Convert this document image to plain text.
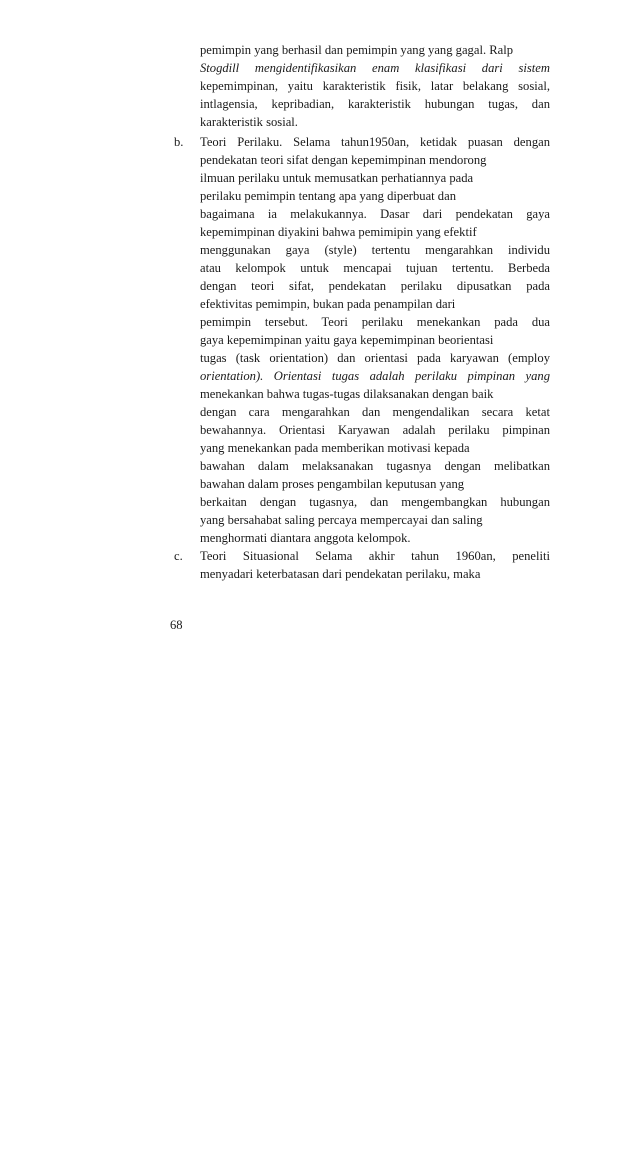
pemimpin yang berhasil dan pemimpin yang yang gagal. Ralp
Stogdill mengidentifikasikan enam klasifikasi dari sistem
kepemimpinan, yaitu karakteristik fisik, latar belakang sosial,
intlagensia, kepribadian, karakteristik hubungan tugas, dan
karakteristik sosial.
b. Teori Perilaku. Selama tahun1950an, ketidak puasan dengan
pendekatan teori sifat dengan kepemimpinan mendorong
ilmuan perilaku untuk memusatkan perhatiannya pada
perilaku pemimpin tentang apa yang diperbuat dan
bagaimana ia melakukannya. Dasar dari pendekatan gaya
kepemimpinan diyakini bahwa pemimipin yang efektif
menggunakan gaya (style) tertentu mengarahkan individu
atau kelompok untuk mencapai tujuan tertentu. Berbeda
dengan teori sifat, pendekatan perilaku dipusatkan pada
efektivitas pemimpin, bukan pada penampilan dari
pemimpin tersebut. Teori perilaku menekankan pada dua
gaya kepemimpinan yaitu gaya kepemimpinan beorientasi
tugas (task orientation) dan orientasi pada karyawan (employ
orientation). Orientasi tugas adalah perilaku pimpinan yang
menekankan bahwa tugas-tugas dilaksanakan dengan baik
dengan cara mengarahkan dan mengendalikan secara ketat
bewahannya. Orientasi Karyawan adalah perilaku pimpinan
yang menekankan pada memberikan motivasi kepada
bawahan dalam melaksanakan tugasnya dengan melibatkan
bawahan dalam proses pengambilan keputusan yang
berkaitan dengan tugasnya, dan mengembangkan hubungan
yang bersahabat saling percaya mempercayai dan saling
menghormati diantara anggota kelompok.
c. Teori Situasional Selama akhir tahun 1960an, peneliti
menyadari keterbatasan dari pendekatan perilaku, maka
68
